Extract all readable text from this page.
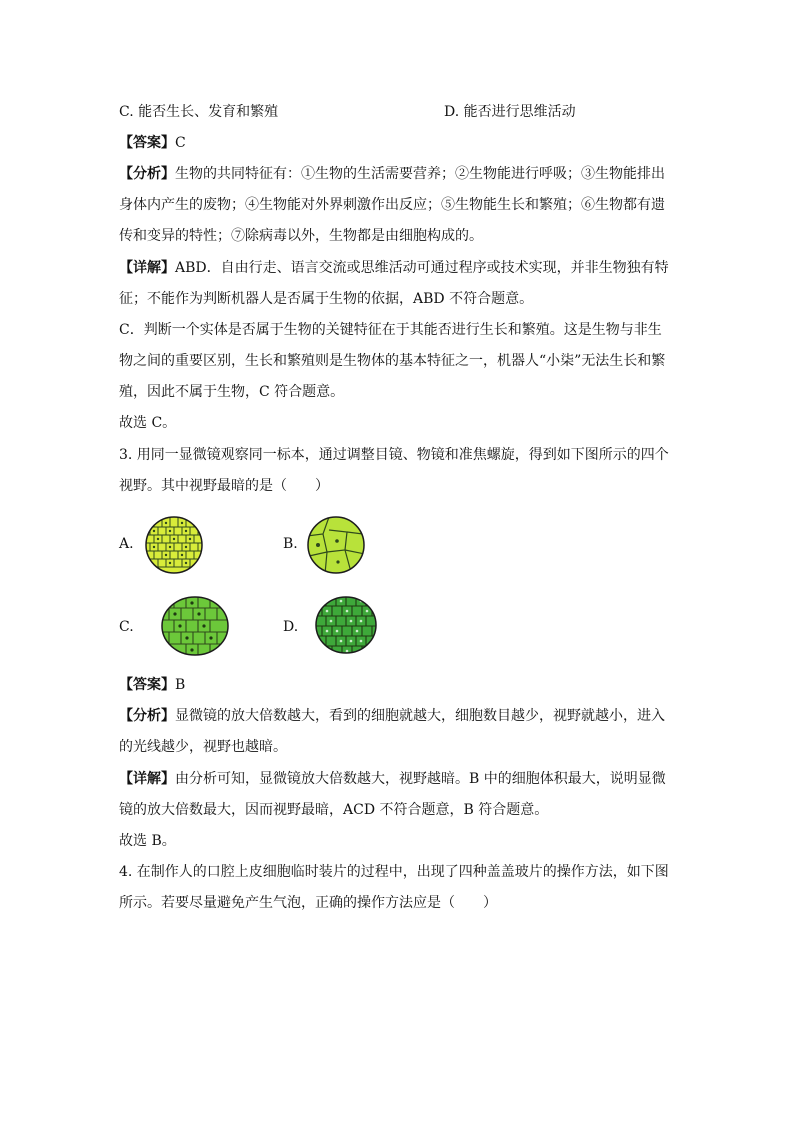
C. 能否生长、发育和繁殖	D. 能否进行思维活动
【答案】C
【分析】生物的共同特征有：①生物的生活需要营养；②生物能进行呼吸；③生物能排出
身体内产生的废物；④生物能对外界刺激作出反应；⑤生物能生长和繁殖；⑥生物都有遗
传和变异的特性；⑦除病毒以外，生物都是由细胞构成的。
【详解】ABD．自由行走、语言交流或思维活动可通过程序或技术实现，并非生物独有特
征；不能作为判断机器人是否属于生物的依据，ABD 不符合题意。
C．判断一个实体是否属于生物的关键特征在于其能否进行生长和繁殖。这是生物与非生
物之间的重要区别，生长和繁殖则是生物体的基本特征之一，机器人“小柒”无法生长和繁
殖，因此不属于生物，C 符合题意。
故选 C。
3. 用同一显微镜观察同一标本，通过调整目镜、物镜和准焦螺旋，得到如下图所示的四个
视野。其中视野最暗的是（　　）
A.	B.
C.	D.
【答案】B
【分析】显微镜的放大倍数越大，看到的细胞就越大，细胞数目越少，视野就越小，进入
的光线越少，视野也越暗。
【详解】由分析可知，显微镜放大倍数越大，视野越暗。B 中的细胞体积最大，说明显微
镜的放大倍数最大，因而视野最暗，ACD 不符合题意，B 符合题意。
故选 B。
4. 在制作人的口腔上皮细胞临时装片的过程中，出现了四种盖盖玻片的操作方法，如下图
所示。若要尽量避免产生气泡，正确的操作方法应是（　　）
